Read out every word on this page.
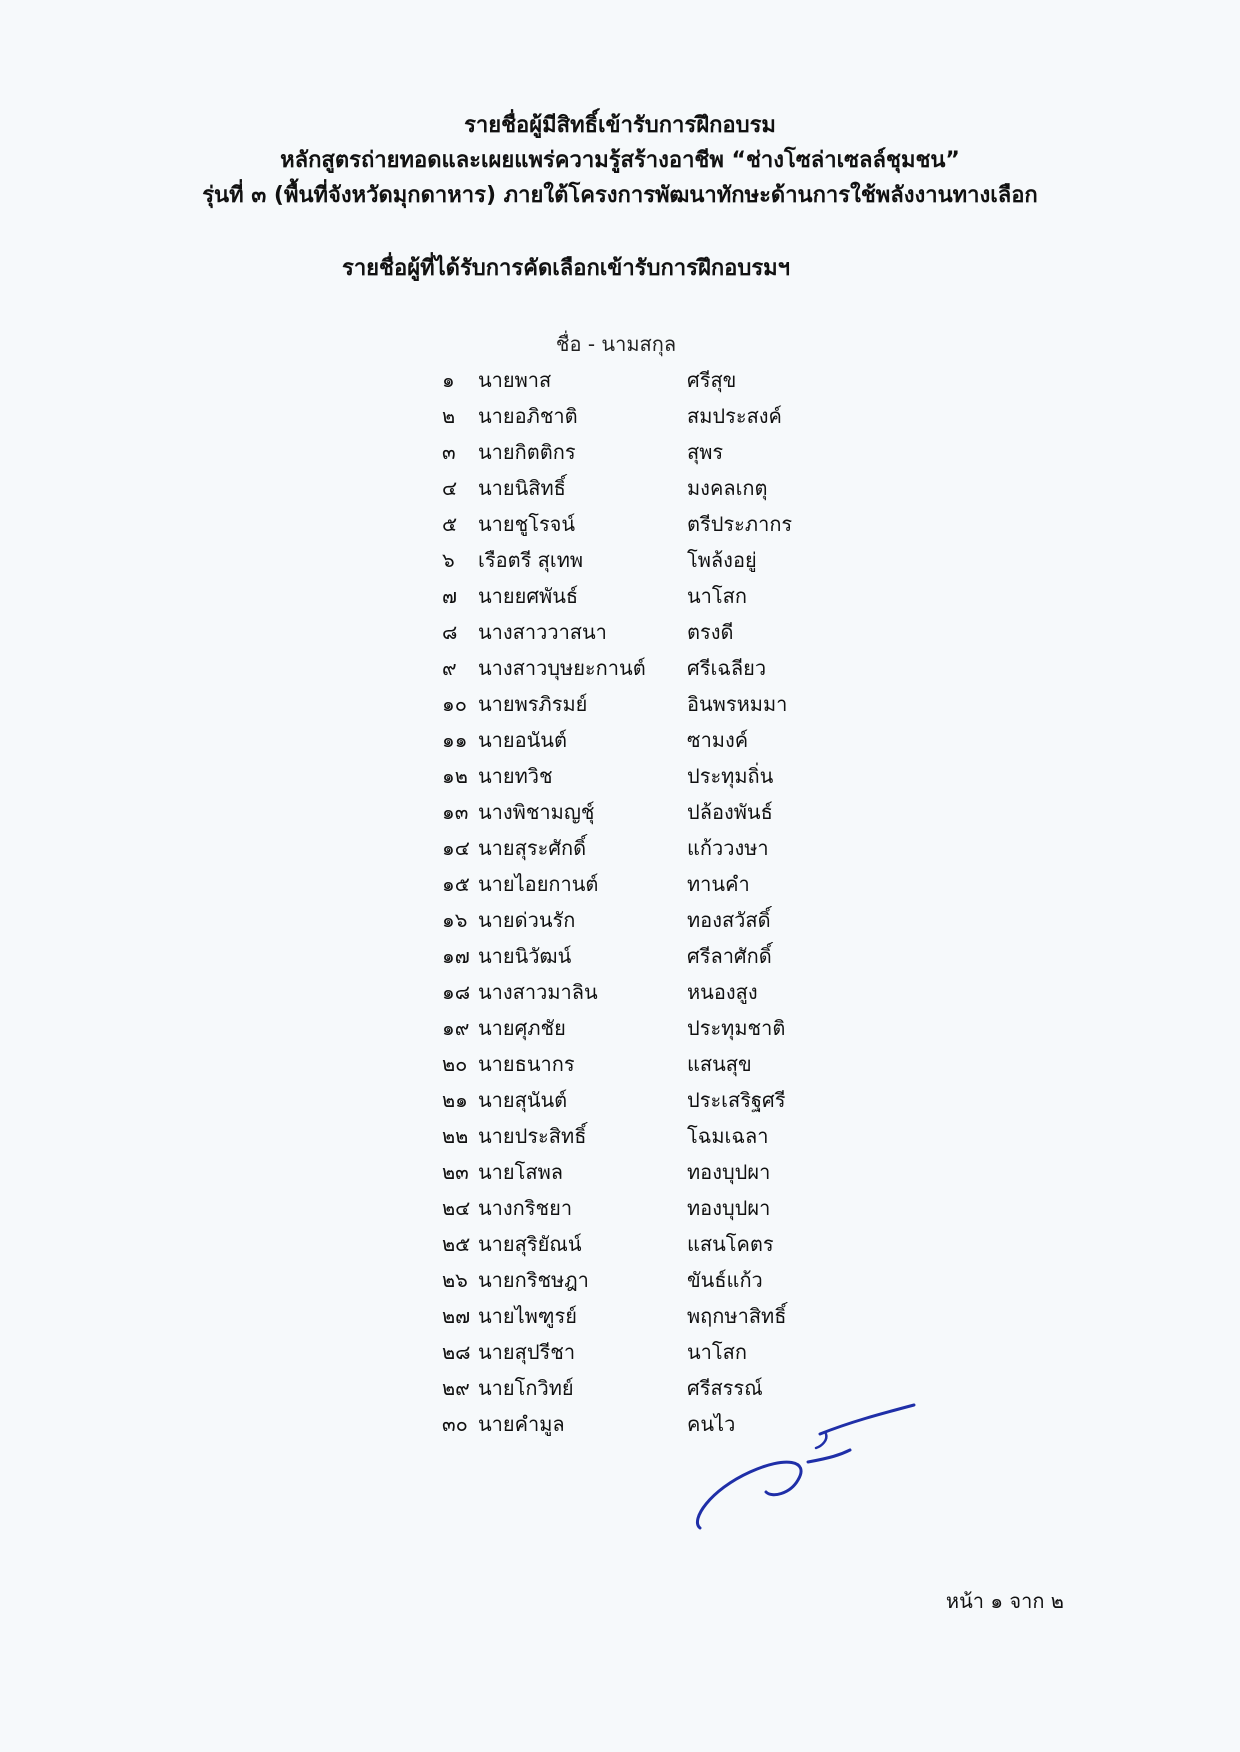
รายชื่อผู้มีสิทธิ์เข้ารับการฝึกอบรม
หลักสูตรถ่ายทอดและเผยแพร่ความรู้สร้างอาชีพ “ช่างโซล่าเซลล์ชุมชน”
รุ่นที่ ๓ (พื้นที่จังหวัดมุกดาหาร) ภายใต้โครงการพัฒนาทักษะด้านการใช้พลังงานทางเลือก
รายชื่อผู้ที่ได้รับการคัดเลือกเข้ารับการฝึกอบรมฯ
ชื่อ - นามสกุล
๑	นายพาส	ศรีสุข
๒	นายอภิชาติ	สมประสงค์
๓	นายกิตติกร	สุพร
๔	นายนิสิทธิ์	มงคลเกตุ
๕	นายชูโรจน์	ตรีประภากร
๖	เรือตรี สุเทพ	โพล้งอยู่
๗	นายยศพันธ์	นาโสก
๘	นางสาววาสนา	ตรงดี
๙	นางสาวบุษยะกานต์	ศรีเฉลียว
๑๐ นายพรภิรมย์	อินพรหมมา
๑๑ นายอนันต์	ซามงค์
๑๒ นายทวิช	ประทุมถิ่น
๑๓ นางพิชามญชุ์	ปล้องพันธ์
๑๔ นายสุระศักดิ์	แก้ววงษา
๑๕ นายไอยกานต์	ทานคำ
๑๖ นายด่วนรัก	ทองสวัสดิ์
๑๗ นายนิวัฒน์	ศรีลาศักดิ์
๑๘ นางสาวมาลิน	หนองสูง
๑๙ นายศุภชัย	ประทุมชาติ
๒๐ นายธนากร	แสนสุข
๒๑ นายสุนันต์	ประเสริฐศรี
๒๒ นายประสิทธิ์	โฉมเฉลา
๒๓ นายโสพล	ทองบุปผา
๒๔ นางกริชยา	ทองบุปผา
๒๕ นายสุริยัณน์	แสนโคตร
๒๖ นายกริชษฎา	ขันธ์แก้ว
๒๗ นายไพฑูรย์	พฤกษาสิทธิ์
๒๘ นายสุปรีชา	นาโสก
๒๙ นายโกวิทย์	ศรีสรรณ์
๓๐ นายคำมูล	คนไว
หน้า ๑ จาก ๒
